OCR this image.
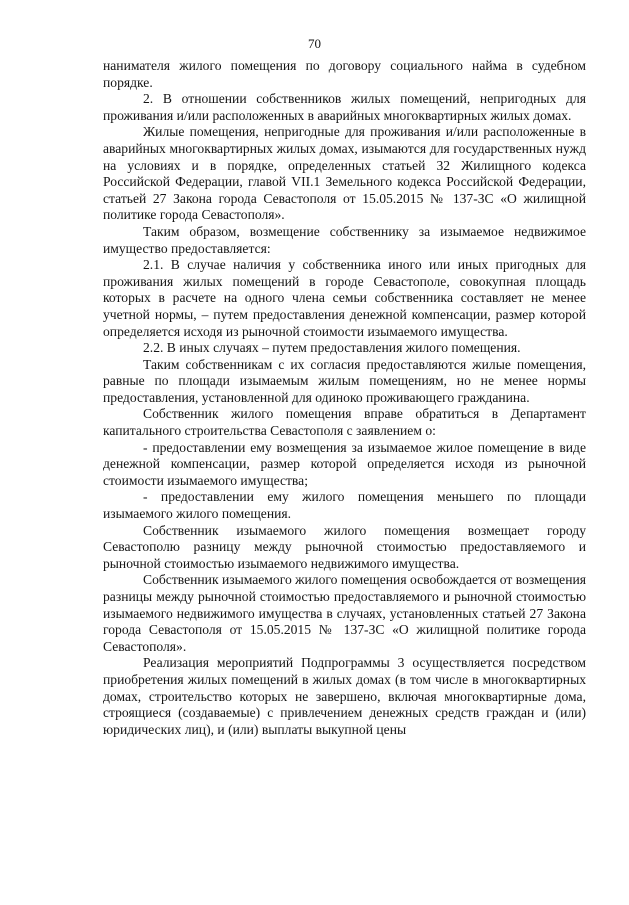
70

нанимателя жилого помещения по договору социального найма в судебном порядке.

2. В отношении собственников жилых помещений, непригодных для проживания и/или расположенных в аварийных многоквартирных жилых домах.

Жилые помещения, непригодные для проживания и/или расположенные в аварийных многоквартирных жилых домах, изымаются для государственных нужд на условиях и в порядке, определенных статьей 32 Жилищного кодекса Российской Федерации, главой VII.1 Земельного кодекса Российской Федерации, статьей 27 Закона города Севастополя от 15.05.2015 № 137-ЗС «О жилищной политике города Севастополя».

Таким образом, возмещение собственнику за изымаемое недвижимое имущество предоставляется:

2.1. В случае наличия у собственника иного или иных пригодных для проживания жилых помещений в городе Севастополе, совокупная площадь которых в расчете на одного члена семьи собственника составляет не менее учетной нормы, – путем предоставления денежной компенсации, размер которой определяется исходя из рыночной стоимости изымаемого имущества.

2.2. В иных случаях – путем предоставления жилого помещения.

Таким собственникам с их согласия предоставляются жилые помещения, равные по площади изымаемым жилым помещениям, но не менее нормы предоставления, установленной для одиноко проживающего гражданина.

Собственник жилого помещения вправе обратиться в Департамент капитального строительства Севастополя с заявлением о:

- предоставлении ему возмещения за изымаемое жилое помещение в виде денежной компенсации, размер которой определяется исходя из рыночной стоимости изымаемого имущества;

- предоставлении ему жилого помещения меньшего по площади изымаемого жилого помещения.

Собственник изымаемого жилого помещения возмещает городу Севастополю разницу между рыночной стоимостью предоставляемого и рыночной стоимостью изымаемого недвижимого имущества.

Собственник изымаемого жилого помещения освобождается от возмещения разницы между рыночной стоимостью предоставляемого и рыночной стоимостью изымаемого недвижимого имущества в случаях, установленных статьей 27 Закона города Севастополя от 15.05.2015 № 137-ЗС «О жилищной политике города Севастополя».

Реализация мероприятий Подпрограммы 3 осуществляется посредством приобретения жилых помещений в жилых домах (в том числе в многоквартирных домах, строительство которых не завершено, включая многоквартирные дома, строящиеся (создаваемые) с привлечением денежных средств граждан и (или) юридических лиц), и (или) выплаты выкупной цены
